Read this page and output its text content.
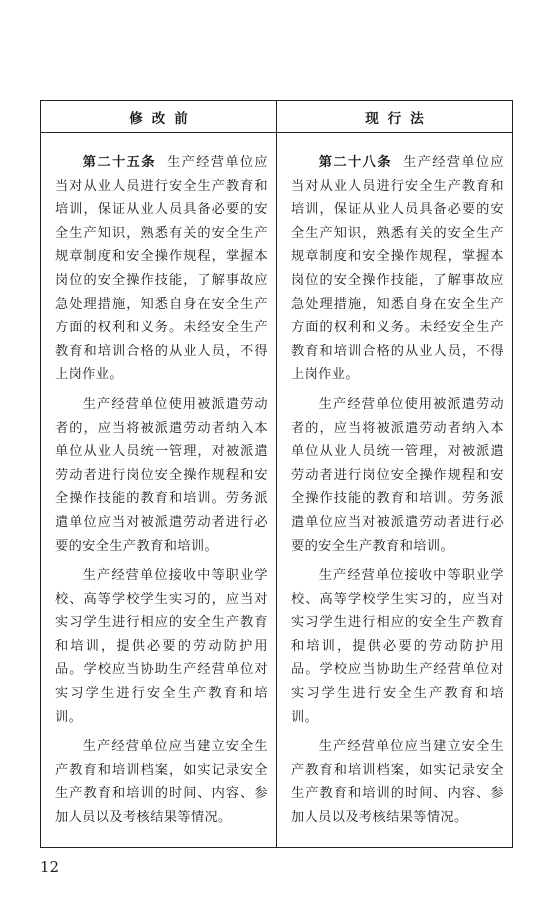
修改前	现行法

第二十五条 生产经营单位应当对从业人员进行安全生产教育和培训，保证从业人员具备必要的安全生产知识，熟悉有关的安全生产规章制度和安全操作规程，掌握本岗位的安全操作技能，了解事故应急处理措施，知悉自身在安全生产方面的权利和义务。未经安全生产教育和培训合格的从业人员，不得上岗作业。

生产经营单位使用被派遣劳动者的，应当将被派遣劳动者纳入本单位从业人员统一管理，对被派遣劳动者进行岗位安全操作规程和安全操作技能的教育和培训。劳务派遣单位应当对被派遣劳动者进行必要的安全生产教育和培训。

生产经营单位接收中等职业学校、高等学校学生实习的，应当对实习学生进行相应的安全生产教育和培训，提供必要的劳动防护用品。学校应当协助生产经营单位对实习学生进行安全生产教育和培训。

生产经营单位应当建立安全生产教育和培训档案，如实记录安全生产教育和培训的时间、内容、参加人员以及考核结果等情况。

第二十八条 生产经营单位应当对从业人员进行安全生产教育和培训，保证从业人员具备必要的安全生产知识，熟悉有关的安全生产规章制度和安全操作规程，掌握本岗位的安全操作技能，了解事故应急处理措施，知悉自身在安全生产方面的权利和义务。未经安全生产教育和培训合格的从业人员，不得上岗作业。

生产经营单位使用被派遣劳动者的，应当将被派遣劳动者纳入本单位从业人员统一管理，对被派遣劳动者进行岗位安全操作规程和安全操作技能的教育和培训。劳务派遣单位应当对被派遣劳动者进行必要的安全生产教育和培训。

生产经营单位接收中等职业学校、高等学校学生实习的，应当对实习学生进行相应的安全生产教育和培训，提供必要的劳动防护用品。学校应当协助生产经营单位对实习学生进行安全生产教育和培训。

生产经营单位应当建立安全生产教育和培训档案，如实记录安全生产教育和培训的时间、内容、参加人员以及考核结果等情况。

12
